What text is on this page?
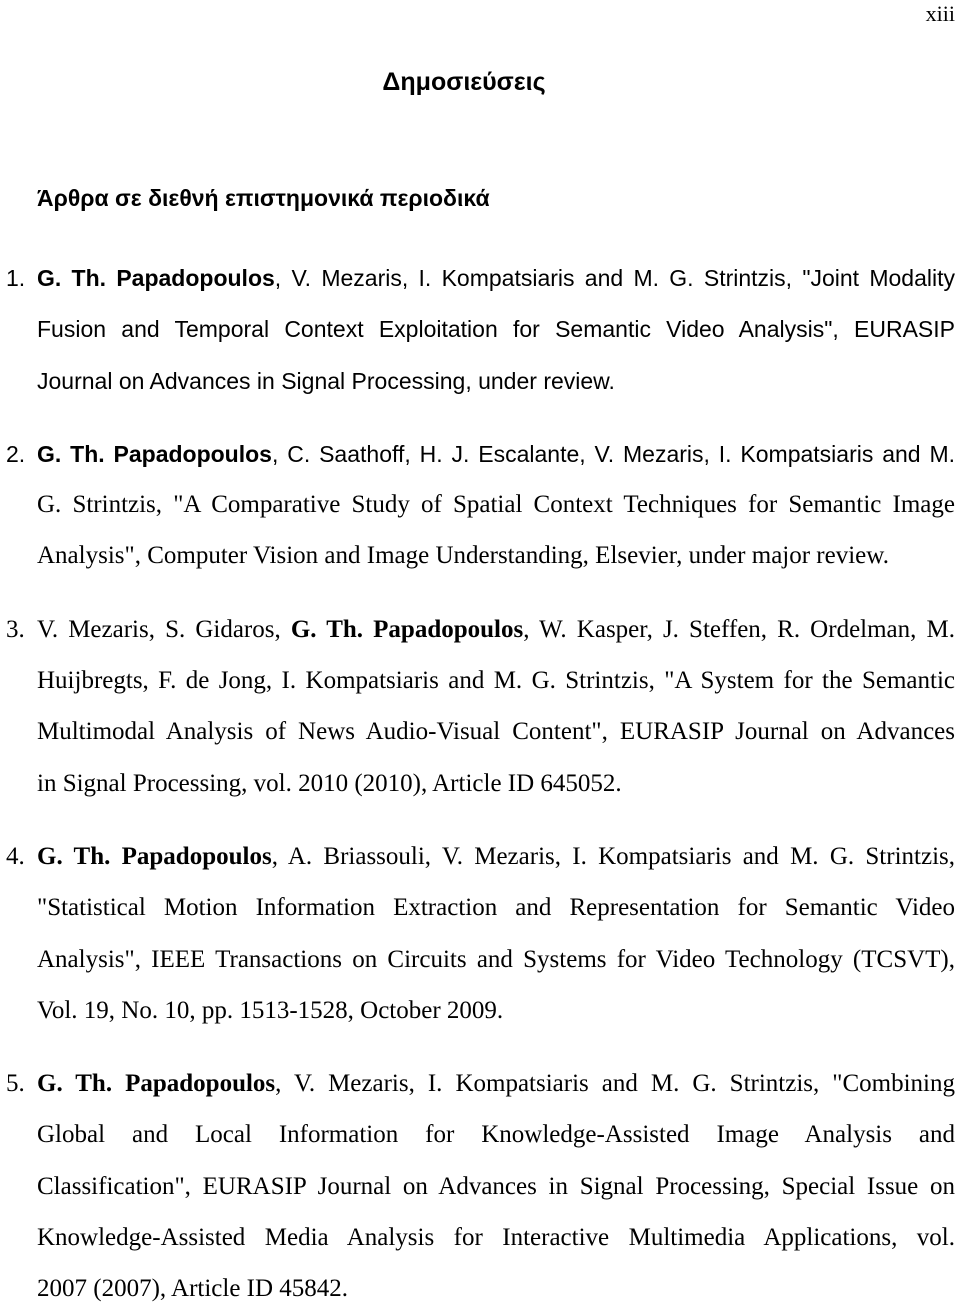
xiii
Δημοσιεύσεις
Άρθρα σε διεθνή επιστημονικά περιοδικά
1. G. Th. Papadopoulos, V. Mezaris, I. Kompatsiaris and M. G. Strintzis, "Joint Modality
Fusion and Temporal Context Exploitation for Semantic Video Analysis", EURASIP
Journal on Advances in Signal Processing, under review.
2. G. Th. Papadopoulos, C. Saathoff, H. J. Escalante, V. Mezaris, I. Kompatsiaris and M.
G. Strintzis, "A Comparative Study of Spatial Context Techniques for Semantic Image
Analysis", Computer Vision and Image Understanding, Elsevier, under major review.
3. V. Mezaris, S. Gidaros, G. Th. Papadopoulos, W. Kasper, J. Steffen, R. Ordelman, M.
Huijbregts, F. de Jong, I. Kompatsiaris and M. G. Strintzis, "A System for the Semantic
Multimodal Analysis of News Audio-Visual Content", EURASIP Journal on Advances
in Signal Processing, vol. 2010 (2010), Article ID 645052.
4. G. Th. Papadopoulos, A. Briassouli, V. Mezaris, I. Kompatsiaris and M. G. Strintzis,
"Statistical Motion Information Extraction and Representation for Semantic Video
Analysis", IEEE Transactions on Circuits and Systems for Video Technology (TCSVT),
Vol. 19, No. 10, pp. 1513-1528, October 2009.
5. G. Th. Papadopoulos, V. Mezaris, I. Kompatsiaris and M. G. Strintzis, "Combining
Global and Local Information for Knowledge-Assisted Image Analysis and
Classification", EURASIP Journal on Advances in Signal Processing, Special Issue on
Knowledge-Assisted Media Analysis for Interactive Multimedia Applications, vol.
2007 (2007), Article ID 45842.
